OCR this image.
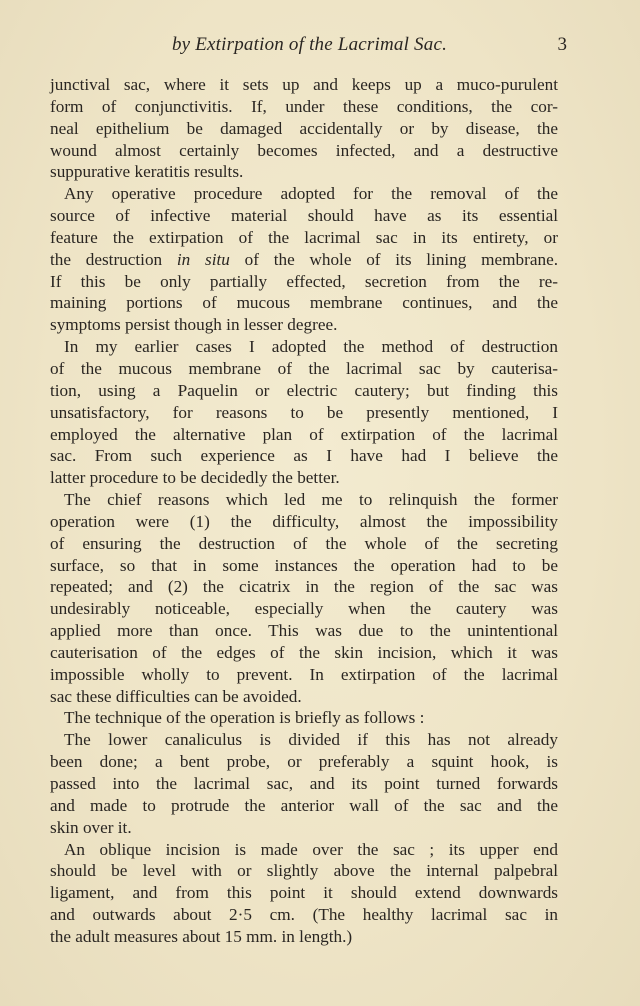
by Extirpation of the Lacrimal Sac.	3
junctival sac, where it sets up and keeps up a muco-purulent
form of conjunctivitis. If, under these conditions, the cor-
neal epithelium be damaged accidentally or by disease, the
wound almost certainly becomes infected, and a destructive
suppurative keratitis results.
Any operative procedure adopted for the removal of the
source of infective material should have as its essential
feature the extirpation of the lacrimal sac in its entirety, or
the destruction in situ of the whole of its lining membrane.
If this be only partially effected, secretion from the re-
maining portions of mucous membrane continues, and the
symptoms persist though in lesser degree.
In my earlier cases I adopted the method of destruction
of the mucous membrane of the lacrimal sac by cauterisa-
tion, using a Paquelin or electric cautery; but finding this
unsatisfactory, for reasons to be presently mentioned, I
employed the alternative plan of extirpation of the lacrimal
sac. From such experience as I have had I believe the
latter procedure to be decidedly the better.
The chief reasons which led me to relinquish the former
operation were (1) the difficulty, almost the impossibility
of ensuring the destruction of the whole of the secreting
surface, so that in some instances the operation had to be
repeated; and (2) the cicatrix in the region of the sac was
undesirably noticeable, especially when the cautery was
applied more than once. This was due to the unintentional
cauterisation of the edges of the skin incision, which it was
impossible wholly to prevent. In extirpation of the lacrimal
sac these difficulties can be avoided.
The technique of the operation is briefly as follows :
The lower canaliculus is divided if this has not already
been done; a bent probe, or preferably a squint hook, is
passed into the lacrimal sac, and its point turned forwards
and made to protrude the anterior wall of the sac and the
skin over it.
An oblique incision is made over the sac ; its upper end
should be level with or slightly above the internal palpebral
ligament, and from this point it should extend downwards
and outwards about 2·5 cm. (The healthy lacrimal sac in
the adult measures about 15 mm. in length.)
